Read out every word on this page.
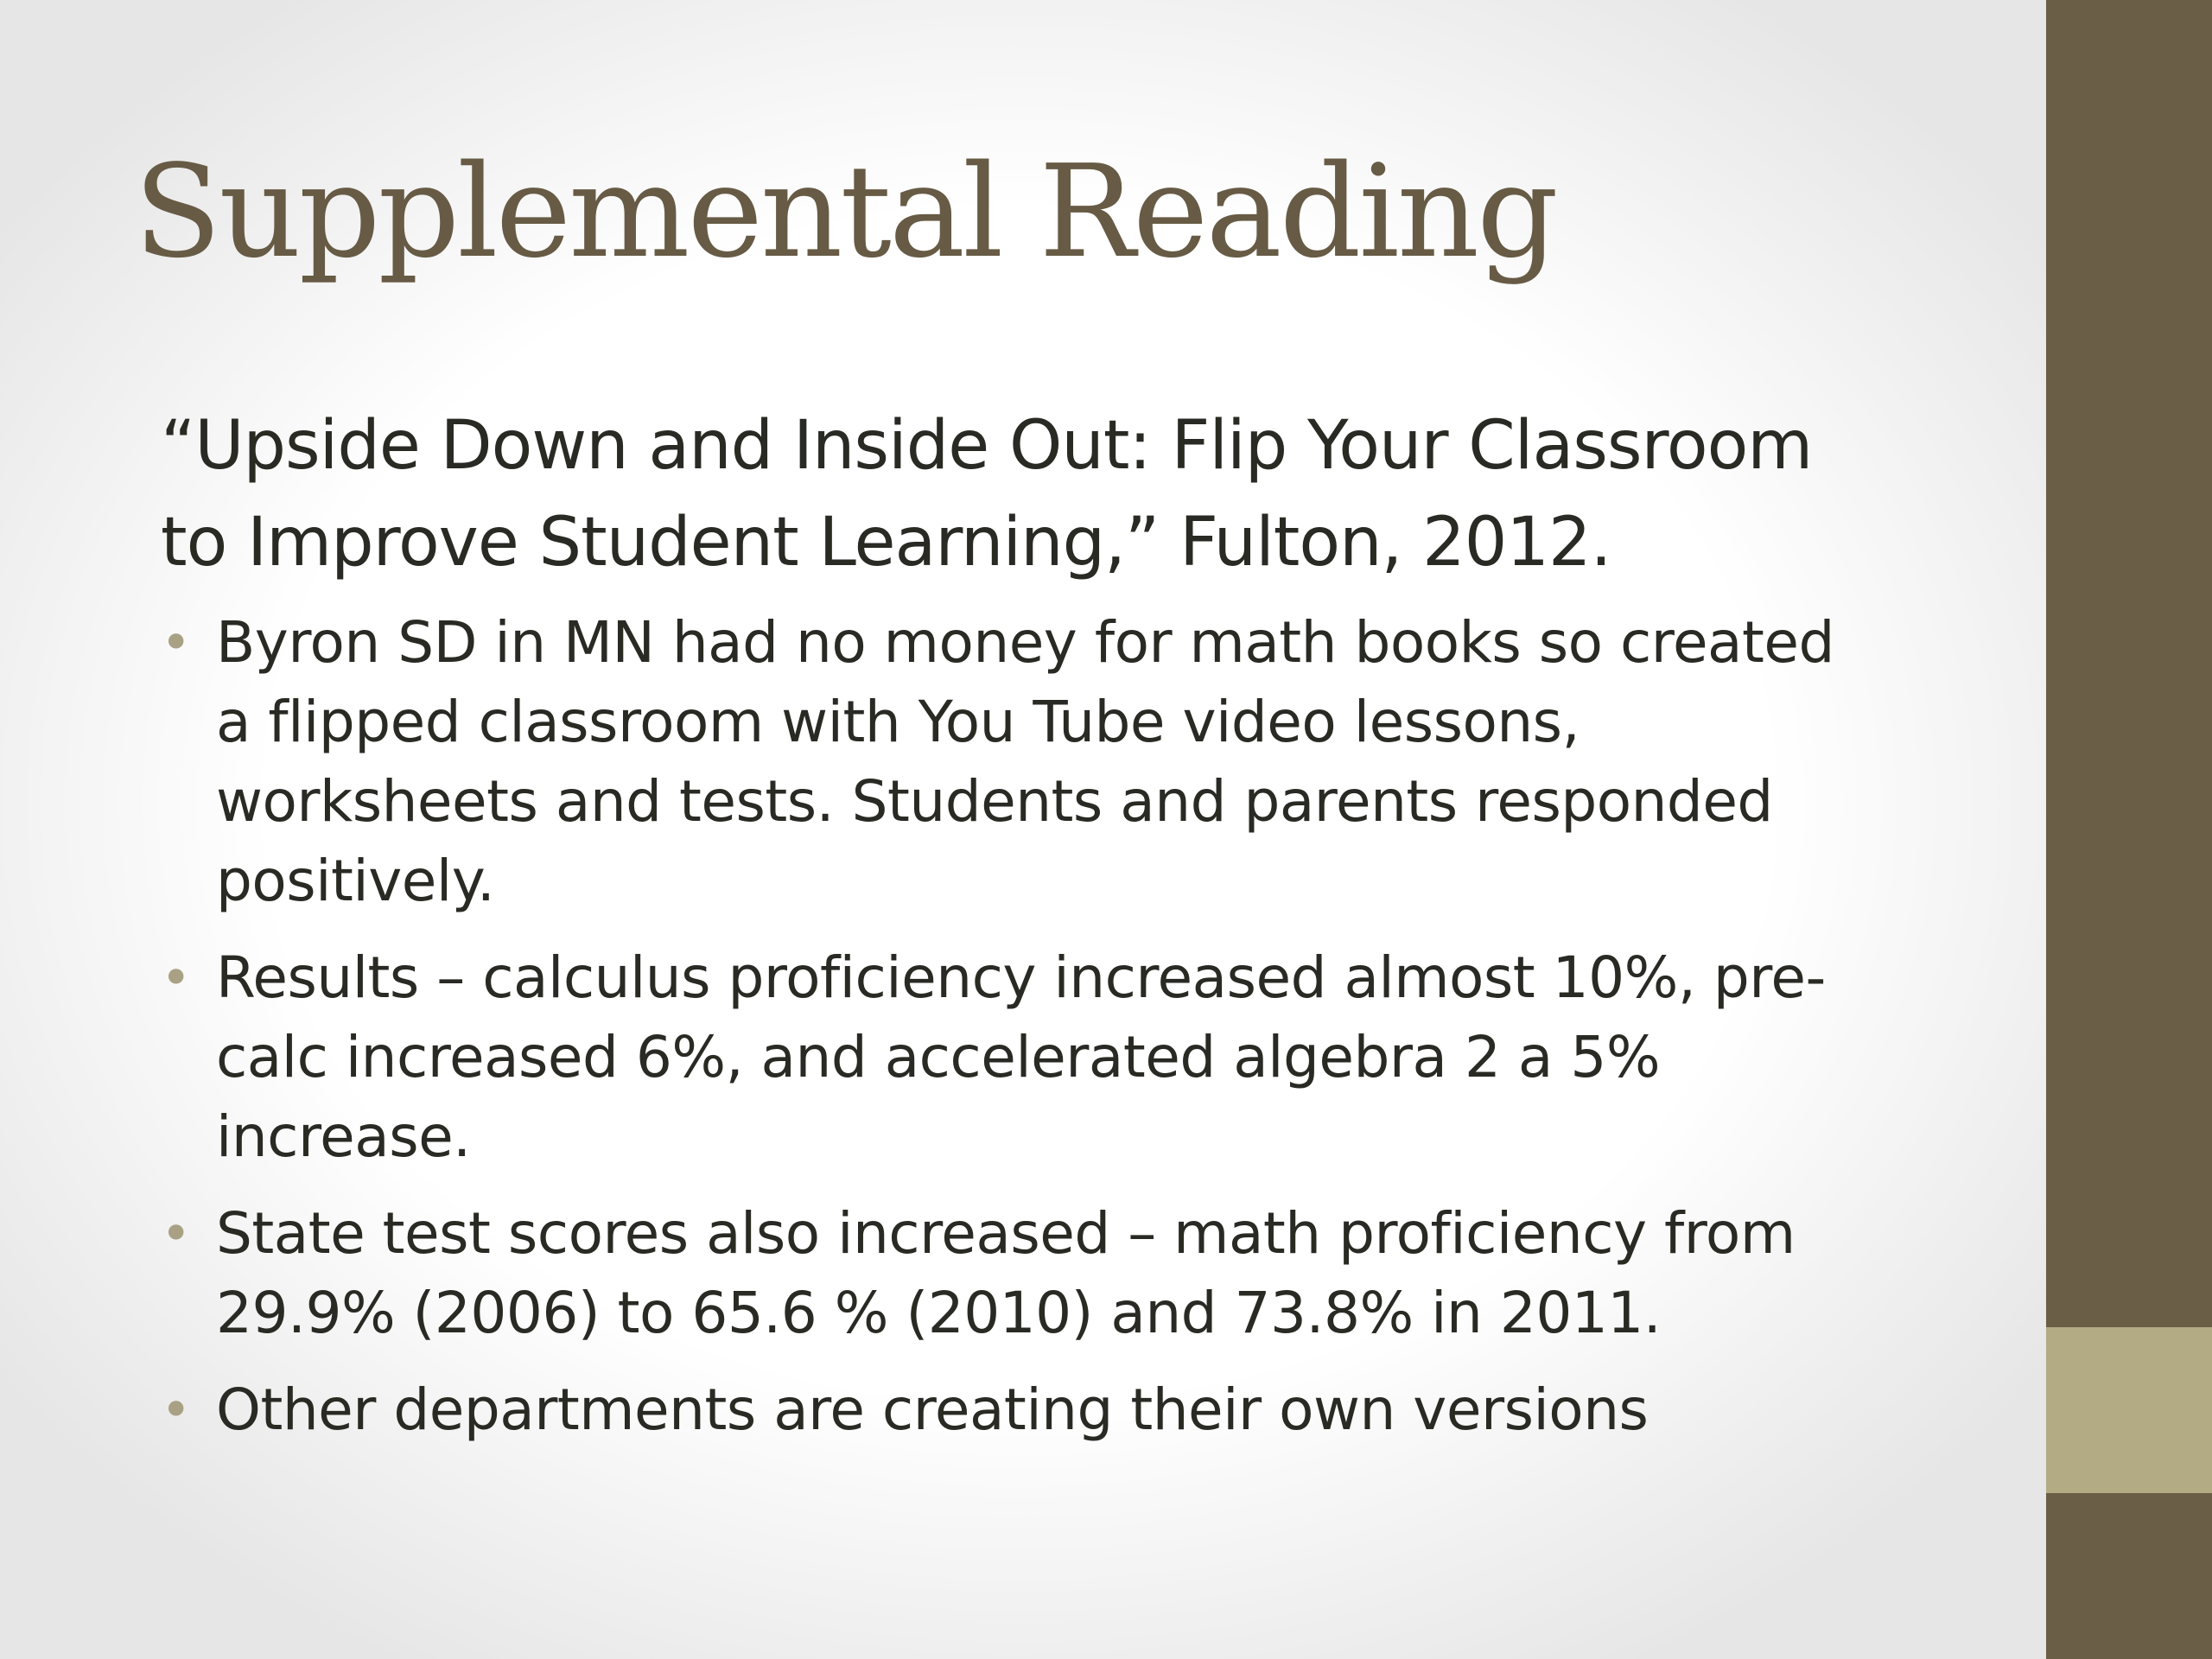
Supplemental Reading

“Upside Down and Inside Out: Flip Your Classroom
to Improve Student Learning,” Fulton, 2012.

• Byron SD in MN had no money for math books so created
a flipped classroom with You Tube video lessons,
worksheets and tests. Students and parents responded
positively.
• Results – calculus proficiency increased almost 10%, pre-
calc increased 6%, and accelerated algebra 2 a 5%
increase.
• State test scores also increased – math proficiency from
29.9% (2006) to 65.6 % (2010) and 73.8% in 2011.
• Other departments are creating their own versions
